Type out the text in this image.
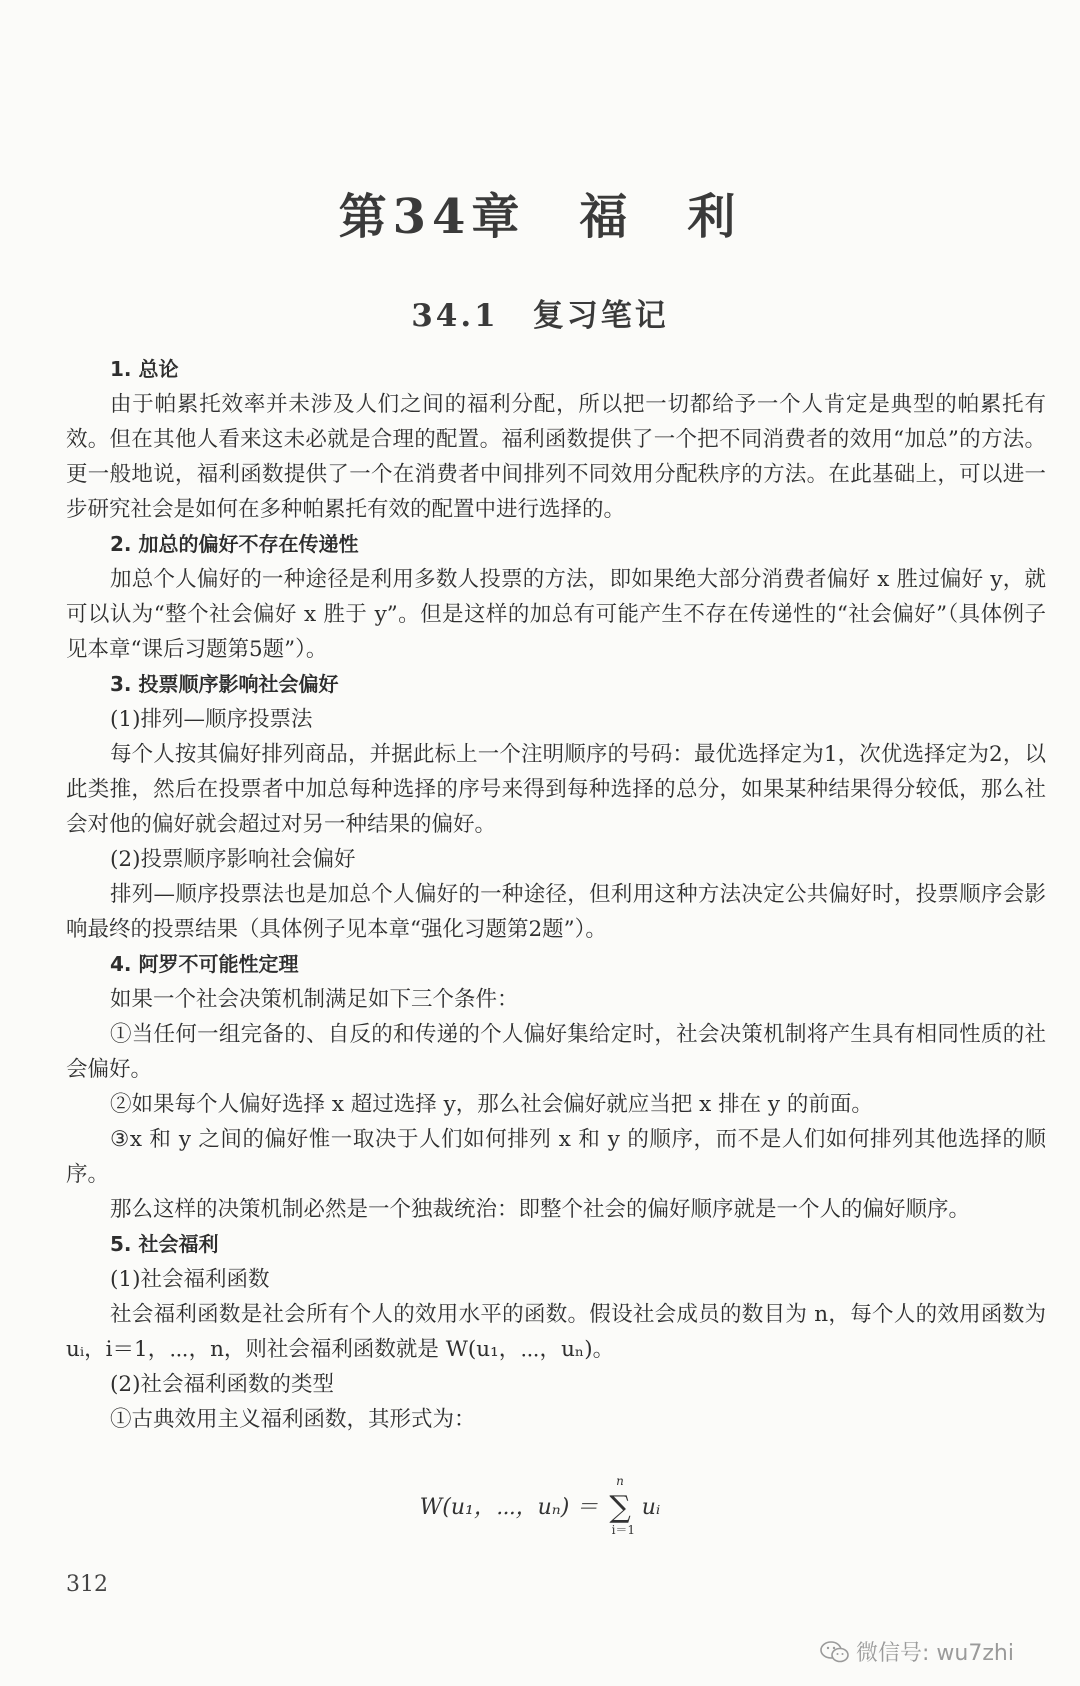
第34章　福　利
34.1　复习笔记
1. 总论
由于帕累托效率并未涉及人们之间的福利分配，所以把一切都给予一个人肯定是典型的帕累托有效。但在其他人看来这未必就是合理的配置。福利函数提供了一个把不同消费者的效用“加总”的方法。更一般地说，福利函数提供了一个在消费者中间排列不同效用分配秩序的方法。在此基础上，可以进一步研究社会是如何在多种帕累托有效的配置中进行选择的。
2. 加总的偏好不存在传递性
加总个人偏好的一种途径是利用多数人投票的方法，即如果绝大部分消费者偏好 x 胜过偏好 y，就可以认为“整个社会偏好 x 胜于 y”。但是这样的加总有可能产生不存在传递性的“社会偏好”（具体例子见本章“课后习题第5题”）。
3. 投票顺序影响社会偏好
(1)排列—顺序投票法
每个人按其偏好排列商品，并据此标上一个注明顺序的号码：最优选择定为1，次优选择定为2，以此类推，然后在投票者中加总每种选择的序号来得到每种选择的总分，如果某种结果得分较低，那么社会对他的偏好就会超过对另一种结果的偏好。
(2)投票顺序影响社会偏好
排列—顺序投票法也是加总个人偏好的一种途径，但利用这种方法决定公共偏好时，投票顺序会影响最终的投票结果（具体例子见本章“强化习题第2题”）。
4. 阿罗不可能性定理
如果一个社会决策机制满足如下三个条件：
①当任何一组完备的、自反的和传递的个人偏好集给定时，社会决策机制将产生具有相同性质的社会偏好。
②如果每个人偏好选择 x 超过选择 y，那么社会偏好就应当把 x 排在 y 的前面。
③x 和 y 之间的偏好惟一取决于人们如何排列 x 和 y 的顺序，而不是人们如何排列其他选择的顺序。
那么这样的决策机制必然是一个独裁统治：即整个社会的偏好顺序就是一个人的偏好顺序。
5. 社会福利
(1)社会福利函数
社会福利函数是社会所有个人的效用水平的函数。假设社会成员的数目为 n，每个人的效用函数为 uᵢ，i＝1，⋯，n，则社会福利函数就是 W(u₁，⋯，uₙ)。
(2)社会福利函数的类型
①古典效用主义福利函数，其形式为：
W(u₁，⋯，uₙ) ＝
n
∑
i＝1
uᵢ
312
微信号: wu7zhi
